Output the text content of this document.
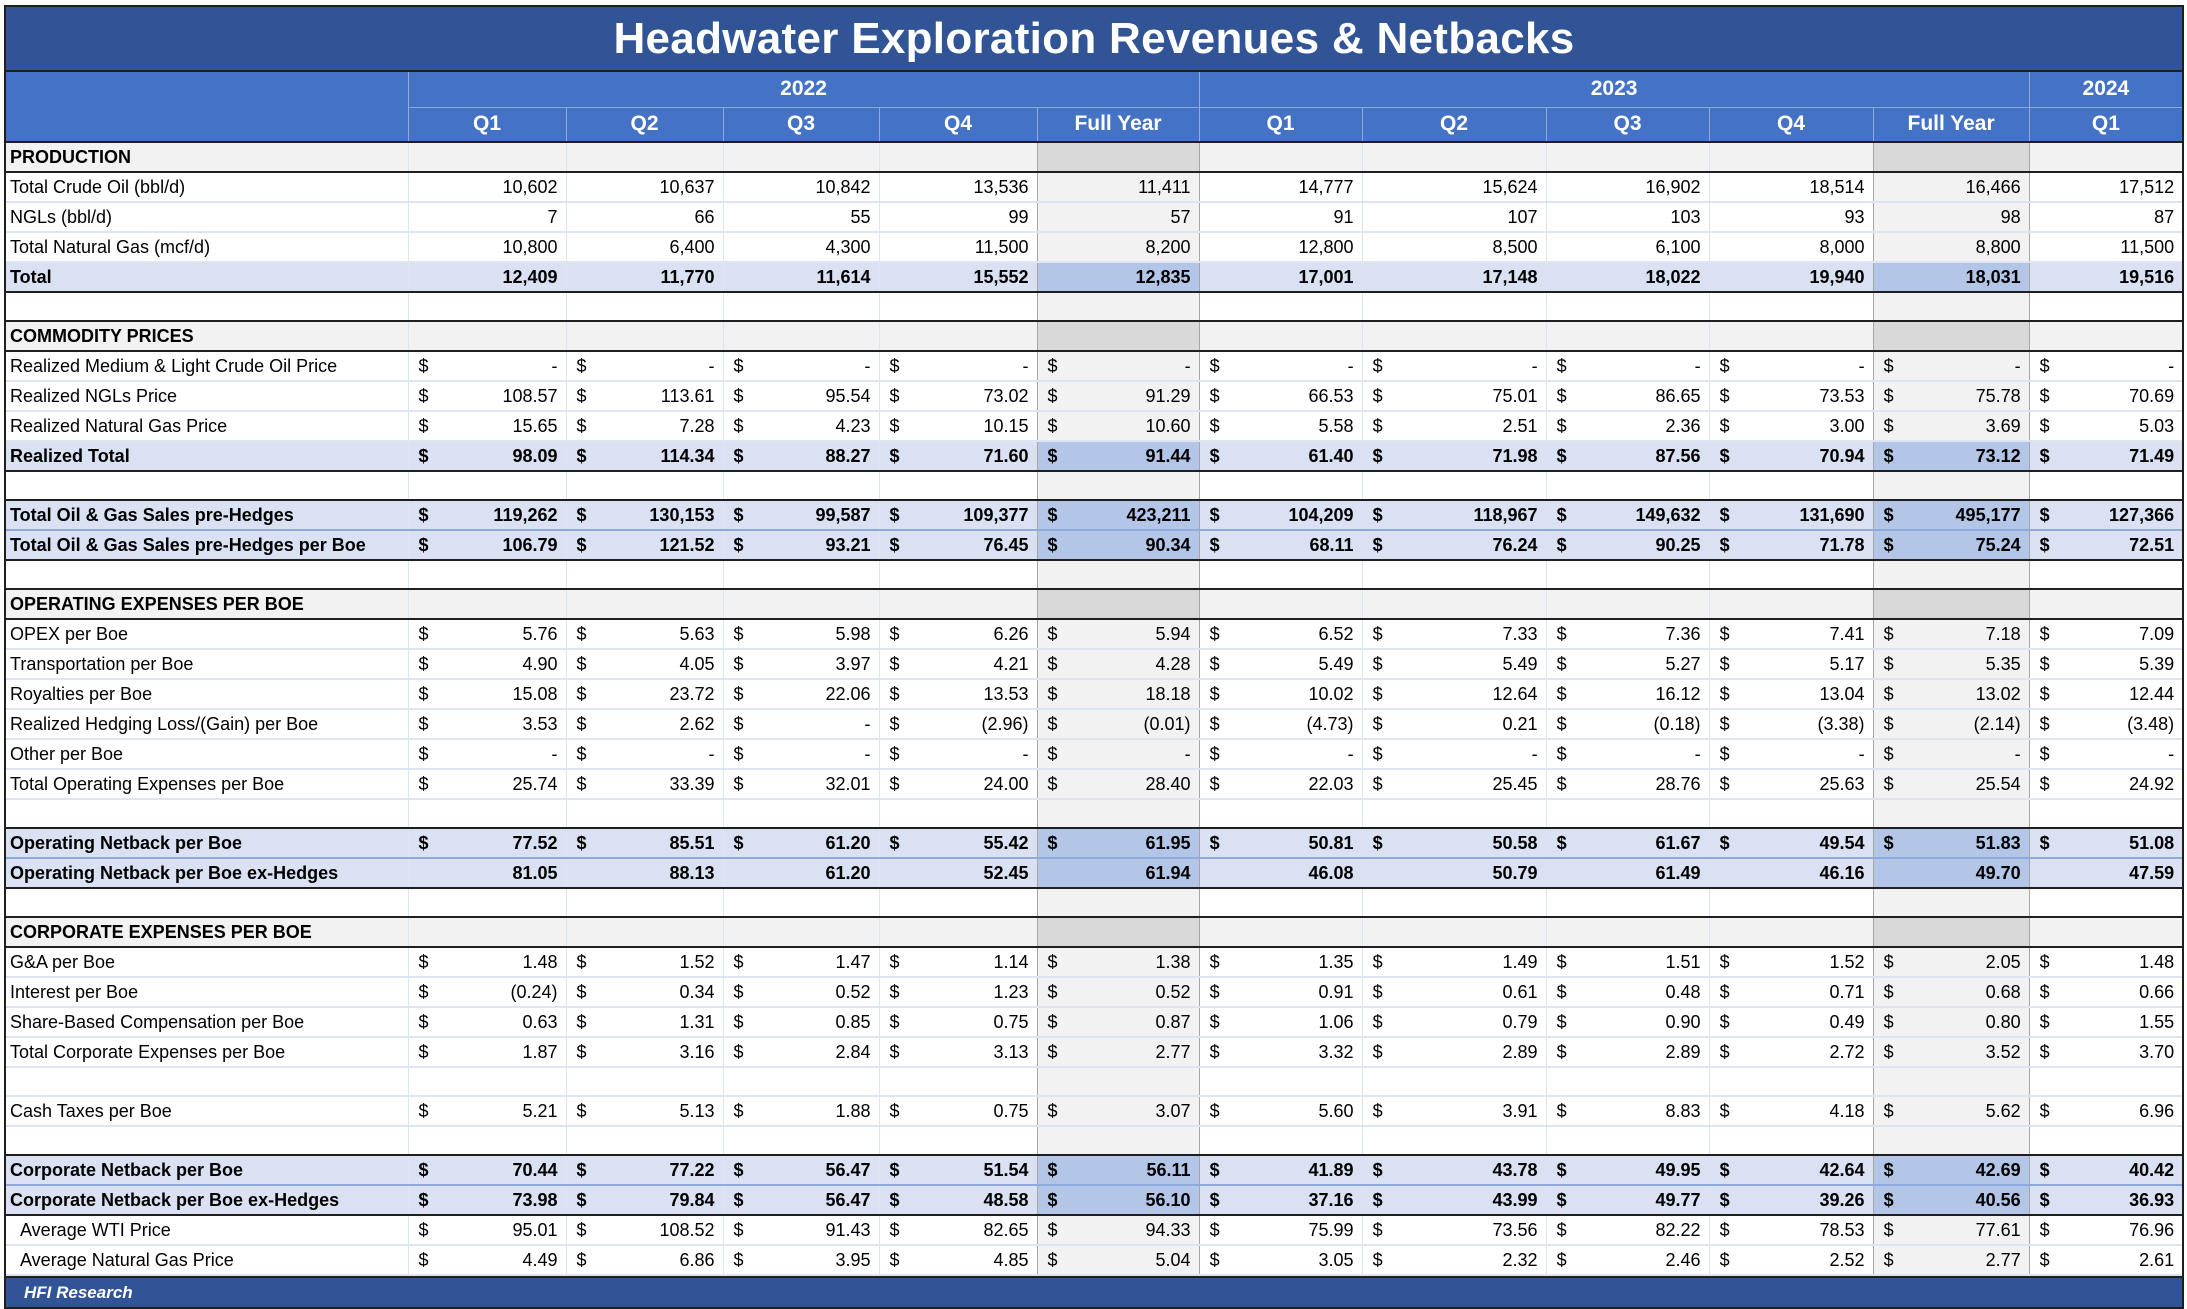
Headwater Exploration Revenues & Netbacks
	2022					2023					2024
	Q1	Q2	Q3	Q4	Full Year	Q1	Q2	Q3	Q4	Full Year	Q1
PRODUCTION											
Total Crude Oil (bbl/d)	10,602	10,637	10,842	13,536	11,411	14,777	15,624	16,902	18,514	16,466	17,512

NGLs (bbl/d)	7	66	55	99	57	91	107	103	93	98	87

Total Natural Gas (mcf/d)	10,800	6,400	4,300	11,500	8,200	12,800	8,500	6,100	8,000	8,800	11,500

Total	12,409	11,770	11,614	15,552	12,835	17,001	17,148	18,022	19,940	18,031	19,516

COMMODITY PRICES											
Realized Medium & Light Crude Oil Price	$ -	$ -	$ -	$ -	$ -	$ -	$ -	$ -	$ -	$ -	$ -

Realized NGLs Price	$ 108.57	$ 113.61	$ 95.54	$ 73.02	$ 91.29	$ 66.53	$ 75.01	$ 86.65	$ 73.53	$ 75.78	$ 70.69

Realized Natural Gas Price	$ 15.65	$ 7.28	$ 4.23	$ 10.15	$ 10.60	$ 5.58	$ 2.51	$ 2.36	$ 3.00	$ 3.69	$ 5.03

Realized Total	$ 98.09	$ 114.34	$ 88.27	$ 71.60	$ 91.44	$ 61.40	$ 71.98	$ 87.56	$ 70.94	$ 73.12	$ 71.49

Total Oil & Gas Sales pre-Hedges	$ 119,262	$ 130,153	$ 99,587	$ 109,377	$ 423,211	$ 104,209	$ 118,967	$ 149,632	$ 131,690	$ 495,177	$ 127,366

Total Oil & Gas Sales pre-Hedges per Boe	$ 106.79	$ 121.52	$ 93.21	$ 76.45	$ 90.34	$ 68.11	$ 76.24	$ 90.25	$ 71.78	$ 75.24	$ 72.51

OPERATING EXPENSES PER BOE											
OPEX per Boe	$ 5.76	$ 5.63	$ 5.98	$ 6.26	$ 5.94	$ 6.52	$ 7.33	$ 7.36	$ 7.41	$ 7.18	$ 7.09

Transportation per Boe	$ 4.90	$ 4.05	$ 3.97	$ 4.21	$ 4.28	$ 5.49	$ 5.49	$ 5.27	$ 5.17	$ 5.35	$ 5.39

Royalties per Boe	$ 15.08	$ 23.72	$ 22.06	$ 13.53	$ 18.18	$ 10.02	$ 12.64	$ 16.12	$ 13.04	$ 13.02	$ 12.44

Realized Hedging Loss/(Gain) per Boe	$ 3.53	$ 2.62	$ -	$ (2.96)	$ (0.01)	$ (4.73)	$ 0.21	$ (0.18)	$ (3.38)	$ (2.14)	$ (3.48)

Other per Boe	$ -	$ -	$ -	$ -	$ -	$ -	$ -	$ -	$ -	$ -	$ -

Total Operating Expenses per Boe	$ 25.74	$ 33.39	$ 32.01	$ 24.00	$ 28.40	$ 22.03	$ 25.45	$ 28.76	$ 25.63	$ 25.54	$ 24.92

Operating Netback per Boe	$ 77.52	$ 85.51	$ 61.20	$ 55.42	$ 61.95	$ 50.81	$ 50.58	$ 61.67	$ 49.54	$ 51.83	$ 51.08

Operating Netback per Boe ex-Hedges	81.05	88.13	61.20	52.45	61.94	46.08	50.79	61.49	46.16	49.70	47.59

CORPORATE EXPENSES PER BOE											
G&A per Boe	$ 1.48	$ 1.52	$ 1.47	$ 1.14	$ 1.38	$ 1.35	$ 1.49	$ 1.51	$ 1.52	$ 2.05	$ 1.48

Interest per Boe	$ (0.24)	$ 0.34	$ 0.52	$ 1.23	$ 0.52	$ 0.91	$ 0.61	$ 0.48	$ 0.71	$ 0.68	$ 0.66

Share-Based Compensation per Boe	$ 0.63	$ 1.31	$ 0.85	$ 0.75	$ 0.87	$ 1.06	$ 0.79	$ 0.90	$ 0.49	$ 0.80	$ 1.55

Total Corporate Expenses per Boe	$ 1.87	$ 3.16	$ 2.84	$ 3.13	$ 2.77	$ 3.32	$ 2.89	$ 2.89	$ 2.72	$ 3.52	$ 3.70

Cash Taxes per Boe	$ 5.21	$ 5.13	$ 1.88	$ 0.75	$ 3.07	$ 5.60	$ 3.91	$ 8.83	$ 4.18	$ 5.62	$ 6.96

Corporate Netback per Boe	$ 70.44	$ 77.22	$ 56.47	$ 51.54	$ 56.11	$ 41.89	$ 43.78	$ 49.95	$ 42.64	$ 42.69	$ 40.42

Corporate Netback per Boe ex-Hedges	$ 73.98	$ 79.84	$ 56.47	$ 48.58	$ 56.10	$ 37.16	$ 43.99	$ 49.77	$ 39.26	$ 40.56	$ 36.93

Average WTI Price	$ 95.01	$ 108.52	$ 91.43	$ 82.65	$ 94.33	$ 75.99	$ 73.56	$ 82.22	$ 78.53	$ 77.61	$ 76.96

Average Natural Gas Price	$ 4.49	$ 6.86	$ 3.95	$ 4.85	$ 5.04	$ 3.05	$ 2.32	$ 2.46	$ 2.52	$ 2.77	$ 2.61
HFI Research
